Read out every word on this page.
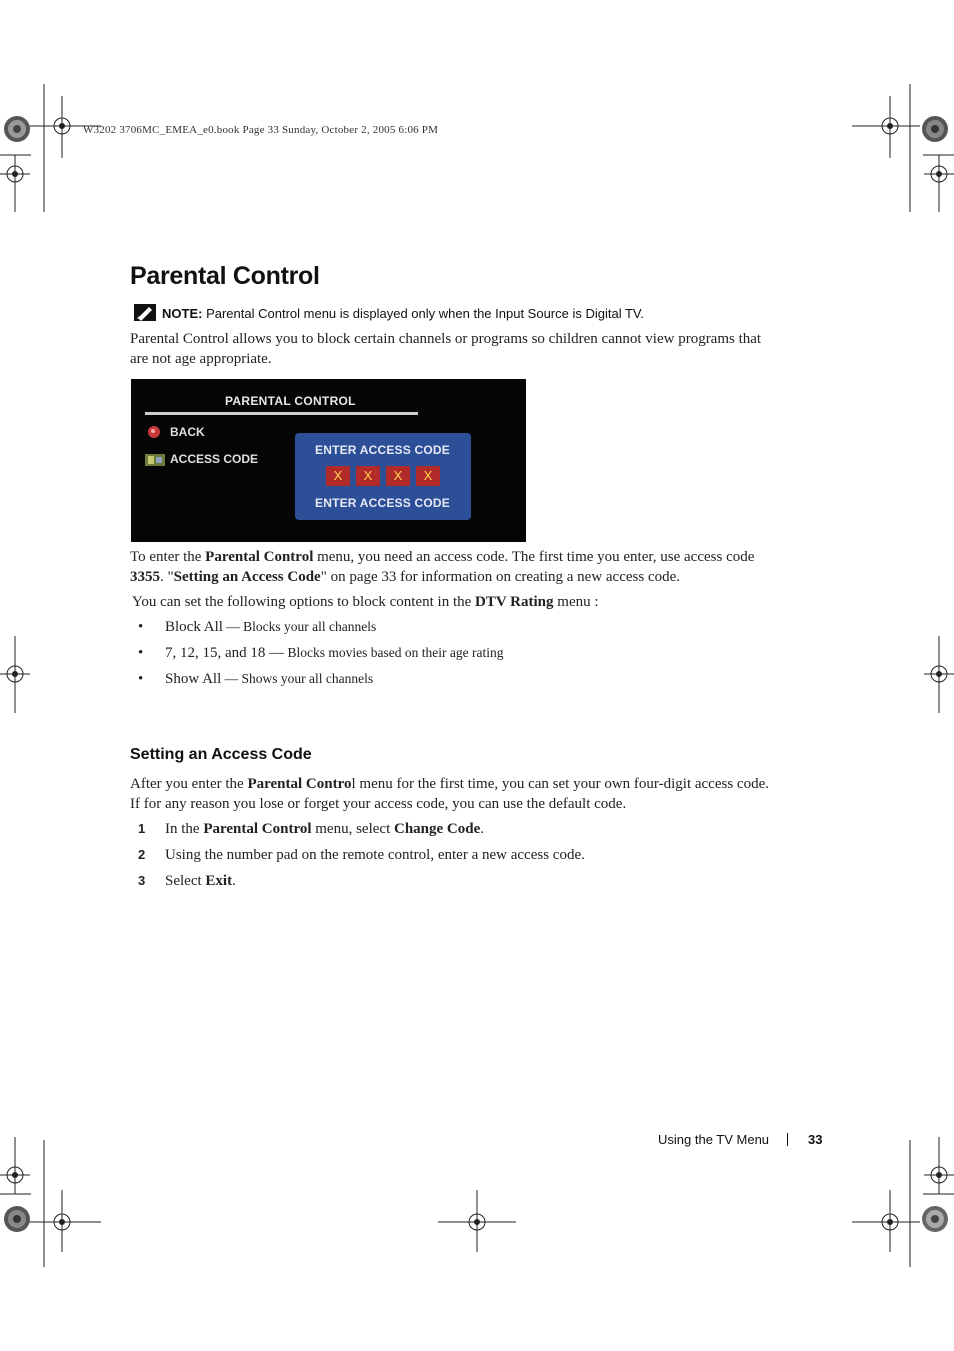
W3202 3706MC_EMEA_e0.book Page 33 Sunday, October 2, 2005 6:06 PM
Parental Control
NOTE: Parental Control menu is displayed only when the Input Source is Digital TV.
Parental Control allows you to block certain channels or programs so children cannot view programs that are not age appropriate.
PARENTAL CONTROL
BACK
ACCESS CODE
ENTER ACCESS CODE
X	X	X	X
ENTER ACCESS CODE
To enter the Parental Control menu, you need an access code. The first time you enter, use access code 3355. "Setting an Access Code" on page 33 for information on creating a new access code.
You can set the following options to block content in the DTV Rating menu :
•	Block All — Blocks your all channels
•	7, 12, 15, and 18 — Blocks movies based on their age rating
•	Show All — Shows your all channels
Setting an Access Code
After you enter the Parental Control menu for the first time, you can set your own four-digit access code. If for any reason you lose or forget your access code, you can use the default code.
1 In the Parental Control menu, select Change Code.
2 Using the number pad on the remote control, enter a new access code.
3 Select Exit.
Using the TV Menu	33
